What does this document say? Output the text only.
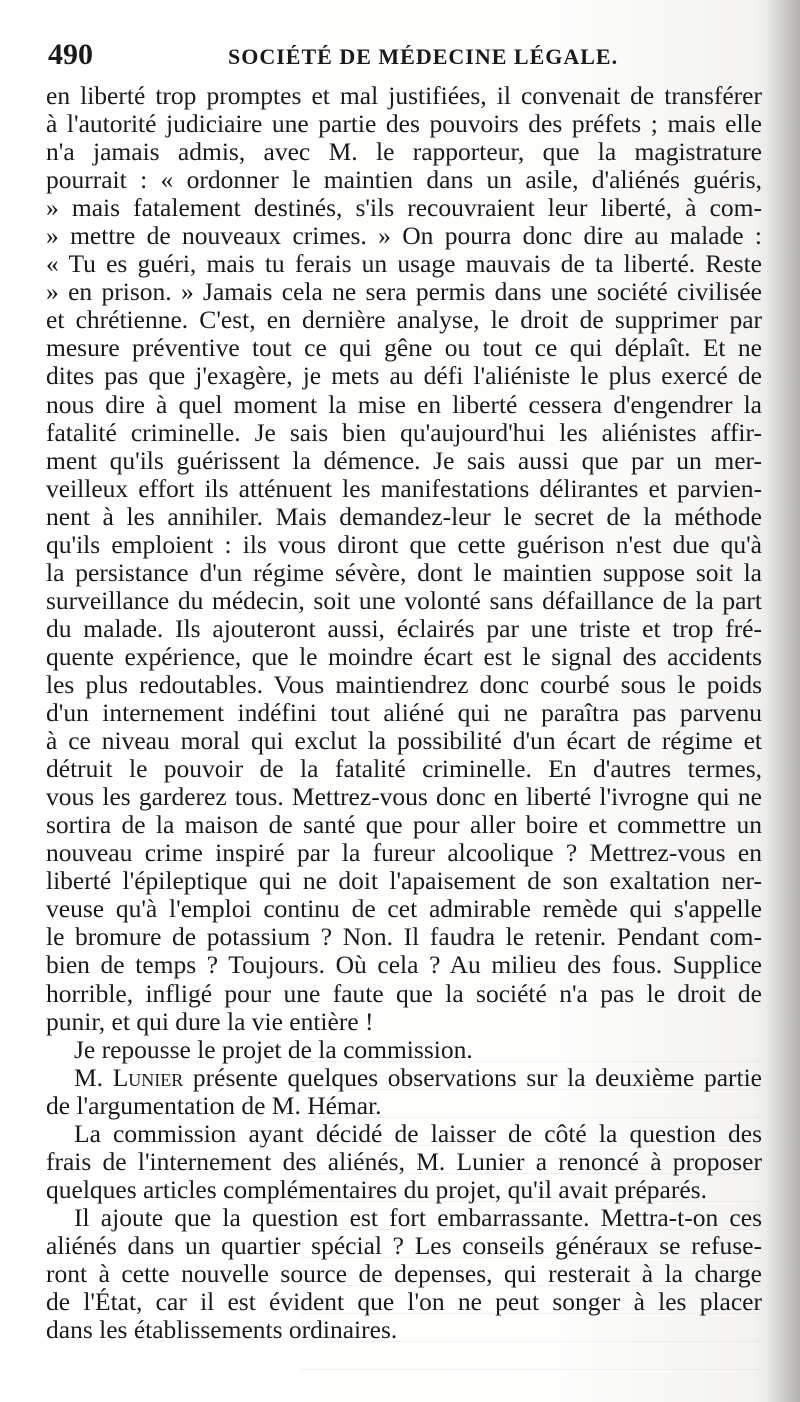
490	SOCIÉTÉ DE MÉDECINE LÉGALE.
en liberté trop promptes et mal justifiées, il convenait de transférer
à l'autorité judiciaire une partie des pouvoirs des préfets ; mais elle
n'a jamais admis, avec M. le rapporteur, que la magistrature
pourrait : « ordonner le maintien dans un asile, d'aliénés guéris,
» mais fatalement destinés, s'ils recouvraient leur liberté, à com-
» mettre de nouveaux crimes. » On pourra donc dire au malade :
« Tu es guéri, mais tu ferais un usage mauvais de ta liberté. Reste
» en prison. » Jamais cela ne sera permis dans une société civilisée
et chrétienne. C'est, en dernière analyse, le droit de supprimer par
mesure préventive tout ce qui gêne ou tout ce qui déplaît. Et ne
dites pas que j'exagère, je mets au défi l'aliéniste le plus exercé de
nous dire à quel moment la mise en liberté cessera d'engendrer la
fatalité criminelle. Je sais bien qu'aujourd'hui les aliénistes affir-
ment qu'ils guérissent la démence. Je sais aussi que par un mer-
veilleux effort ils atténuent les manifestations délirantes et parvien-
nent à les annihiler. Mais demandez-leur le secret de la méthode
qu'ils emploient : ils vous diront que cette guérison n'est due qu'à
la persistance d'un régime sévère, dont le maintien suppose soit la
surveillance du médecin, soit une volonté sans défaillance de la part
du malade. Ils ajouteront aussi, éclairés par une triste et trop fré-
quente expérience, que le moindre écart est le signal des accidents
les plus redoutables. Vous maintiendrez donc courbé sous le poids
d'un internement indéfini tout aliéné qui ne paraîtra pas parvenu
à ce niveau moral qui exclut la possibilité d'un écart de régime et
détruit le pouvoir de la fatalité criminelle. En d'autres termes,
vous les garderez tous. Mettrez-vous donc en liberté l'ivrogne qui ne
sortira de la maison de santé que pour aller boire et commettre un
nouveau crime inspiré par la fureur alcoolique ? Mettrez-vous en
liberté l'épileptique qui ne doit l'apaisement de son exaltation ner-
veuse qu'à l'emploi continu de cet admirable remède qui s'appelle
le bromure de potassium ? Non. Il faudra le retenir. Pendant com-
bien de temps ? Toujours. Où cela ? Au milieu des fous. Supplice
horrible, infligé pour une faute que la société n'a pas le droit de
punir, et qui dure la vie entière !
Je repousse le projet de la commission.
M. Lunier présente quelques observations sur la deuxième partie
de l'argumentation de M. Hémar.
La commission ayant décidé de laisser de côté la question des
frais de l'internement des aliénés, M. Lunier a renoncé à proposer
quelques articles complémentaires du projet, qu'il avait préparés.
Il ajoute que la question est fort embarrassante. Mettra-t-on ces
aliénés dans un quartier spécial ? Les conseils généraux se refuse-
ront à cette nouvelle source de depenses, qui resterait à la charge
de l'État, car il est évident que l'on ne peut songer à les placer
dans les établissements ordinaires.
